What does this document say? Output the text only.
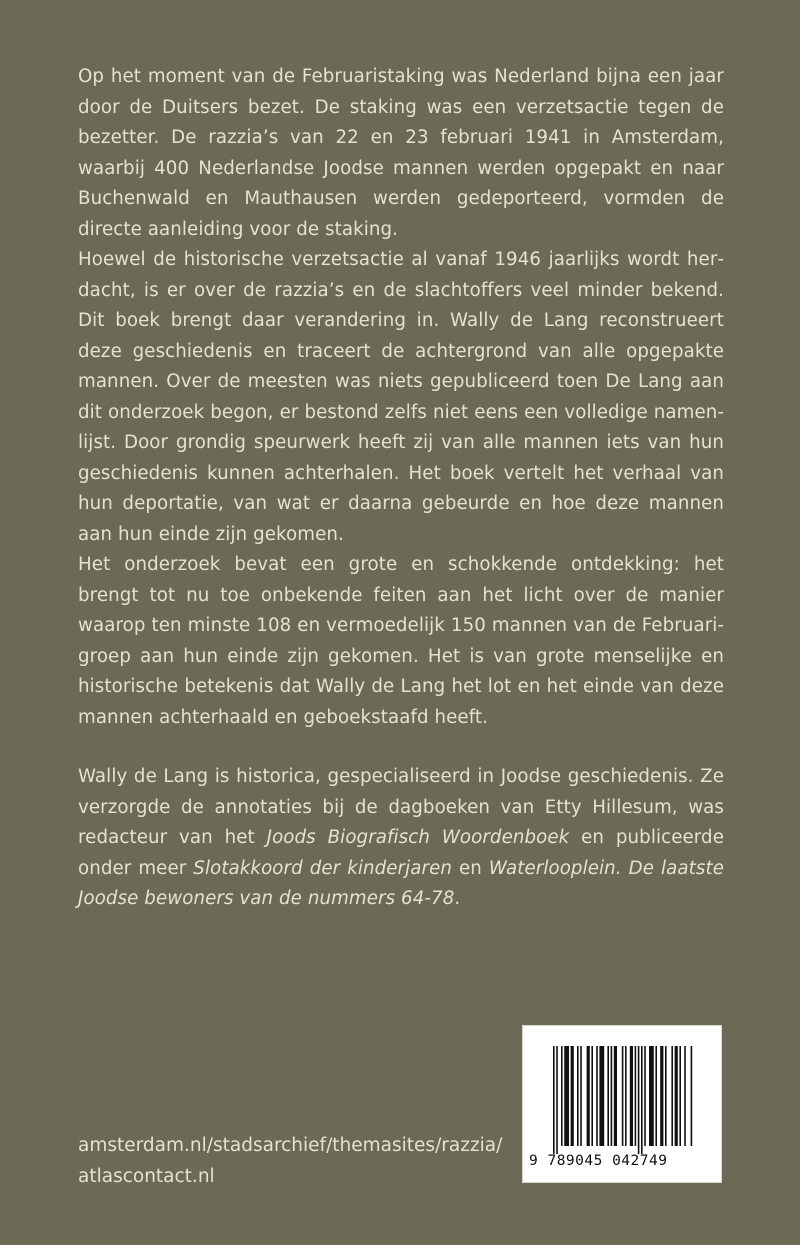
Op het moment van de Februaristaking was Nederland bijna een jaar door de Duitsers bezet. De staking was een verzetsactie tegen de bezetter. De razzia’s van 22 en 23 februari 1941 in Amsterdam, waarbij 400 Nederlandse Joodse mannen werden opgepakt en naar Buchenwald en Mauthausen werden gedeporteerd, vormden de directe aanleiding voor de staking.

Hoewel de historische verzetsactie al vanaf 1946 jaarlijks wordt herdacht, is er over de razzia’s en de slachtoffers veel minder bekend. Dit boek brengt daar verandering in. Wally de Lang reconstrueert deze geschiedenis en traceert de achtergrond van alle opgepakte mannen. Over de meesten was niets gepubliceerd toen De Lang aan dit onderzoek begon, er bestond zelfs niet eens een volledige namenlijst. Door grondig speurwerk heeft zij van alle mannen iets van hun geschiedenis kunnen achterhalen. Het boek vertelt het verhaal van hun deportatie, van wat er daarna gebeurde en hoe deze mannen aan hun einde zijn gekomen.

Het onderzoek bevat een grote en schokkende ontdekking: het brengt tot nu toe onbekende feiten aan het licht over de manier waarop ten minste 108 en vermoedelijk 150 mannen van de Februarigroep aan hun einde zijn gekomen. Het is van grote menselijke en historische betekenis dat Wally de Lang het lot en het einde van deze mannen achterhaald en geboekstaafd heeft.

Wally de Lang is historica, gespecialiseerd in Joodse geschiedenis. Ze verzorgde de annotaties bij de dagboeken van Etty Hillesum, was redacteur van het Joods Biografisch Woordenboek en publiceerde onder meer Slotakkoord der kinderjaren en Waterlooplein. De laatste Joodse bewoners van de nummers 64-78.
amsterdam.nl/stadsarchief/themasites/razzia/
atlascontact.nl
9 789045 042749
